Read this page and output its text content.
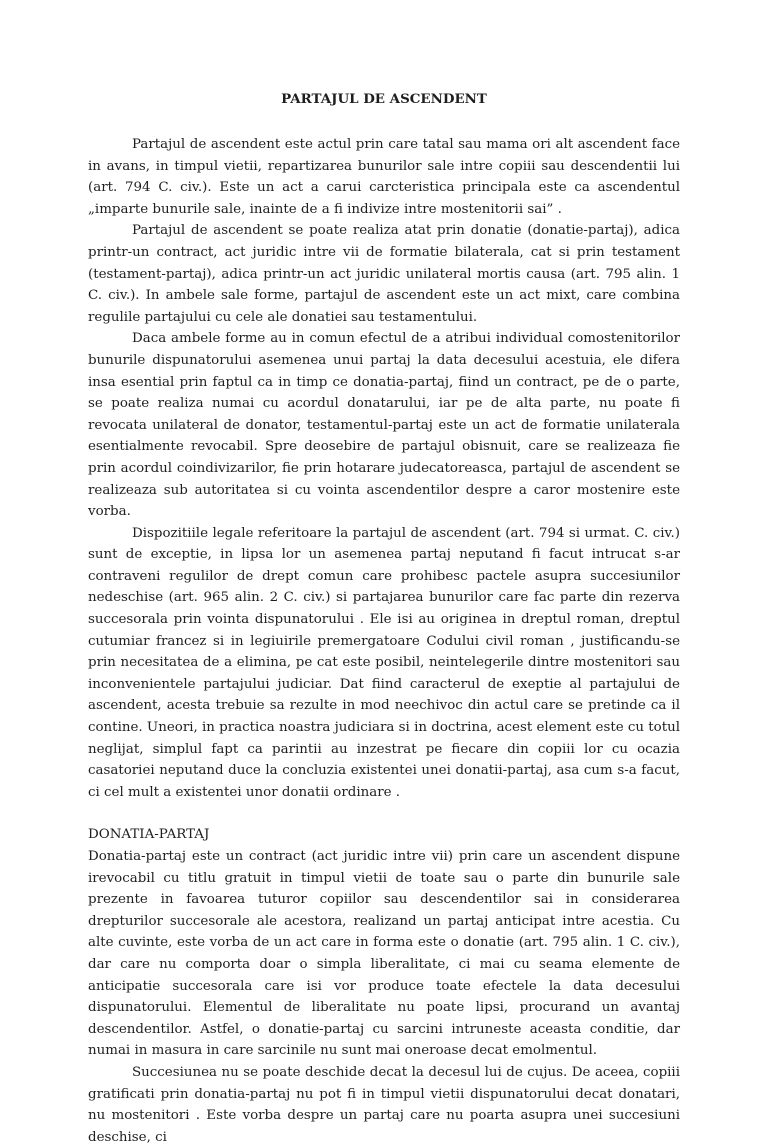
PARTAJUL DE ASCENDENT

Partajul de ascendent este actul prin care tatal sau mama ori alt ascendent face in avans, in timpul vietii, repartizarea bunurilor sale intre copiii sau descendentii lui (art. 794 C. civ.). Este un act a carui carcteristica principala este ca ascendentul „imparte bunurile sale, inainte de a fi indivize intre mostenitorii sai” .

Partajul de ascendent se poate realiza atat prin donatie (donatie-partaj), adica printr-un contract, act juridic intre vii de formatie bilaterala, cat si prin testament (testament-partaj), adica printr-un act juridic unilateral mortis causa (art. 795 alin. 1 C. civ.). In ambele sale forme, partajul de ascendent este un act mixt, care combina regulile partajului cu cele ale donatiei sau testamentului.

Daca ambele forme au in comun efectul de a atribui individual comostenitorilor bunurile dispunatorului asemenea unui partaj la data decesului acestuia, ele difera insa esential prin faptul ca in timp ce donatia-partaj, fiind un contract, pe de o parte, se poate realiza numai cu acordul donatarului, iar pe de alta parte, nu poate fi revocata unilateral de donator, testamentul-partaj este un act de formatie unilaterala esentialmente revocabil. Spre deosebire de partajul obisnuit, care se realizeaza fie prin acordul coindivizarilor, fie prin hotarare judecatoreasca, partajul de ascendent se realizeaza sub autoritatea si cu vointa ascendentilor despre a caror mostenire este vorba.

Dispozitiile legale referitoare la partajul de ascendent (art. 794 si urmat. C. civ.) sunt de exceptie, in lipsa lor un asemenea partaj neputand fi facut intrucat s-ar contraveni regulilor de drept comun care prohibesc pactele asupra succesiunilor nedeschise (art. 965 alin. 2 C. civ.) si partajarea bunurilor care fac parte din rezerva succesorala prin vointa dispunatorului . Ele isi au originea in dreptul roman, dreptul cutumiar francez si in legiuirile premergatoare Codului civil roman , justificandu-se prin necesitatea de a elimina, pe cat este posibil, neintelegerile dintre mostenitori sau inconvenientele partajului judiciar. Dat fiind caracterul de exeptie al partajului de ascendent, acesta trebuie sa rezulte in mod neechivoc din actul care se pretinde ca il contine. Uneori, in practica noastra judiciara si in doctrina, acest element este cu totul neglijat, simplul fapt ca parintii au inzestrat pe fiecare din copiii lor cu ocazia casatoriei neputand duce la concluzia existentei unei donatii-partaj, asa cum s-a facut, ci cel mult a existentei unor donatii ordinare .

DONATIA-PARTAJ

Donatia-partaj este un contract (act juridic intre vii) prin care un ascendent dispune irevocabil cu titlu gratuit in timpul vietii de toate sau o parte din bunurile sale prezente in favoarea tuturor copiilor sau descendentilor sai in considerarea drepturilor succesorale ale acestora, realizand un partaj anticipat intre acestia. Cu alte cuvinte, este vorba de un act care in forma este o donatie (art. 795 alin. 1 C. civ.), dar care nu comporta doar o simpla liberalitate, ci mai cu seama elemente de anticipatie succesorala care isi vor produce toate efectele la data decesului dispunatorului. Elementul de liberalitate nu poate lipsi, procurand un avantaj descendentilor. Astfel, o donatie-partaj cu sarcini intruneste aceasta conditie, dar numai in masura in care sarcinile nu sunt mai oneroase decat emolmentul.

Succesiunea nu se poate deschide decat la decesul lui de cujus. De aceea, copiii gratificati prin donatia-partaj nu pot fi in timpul vietii dispunatorului decat donatari, nu mostenitori . Este vorba despre un partaj care nu poarta asupra unei succesiuni deschise, ci
